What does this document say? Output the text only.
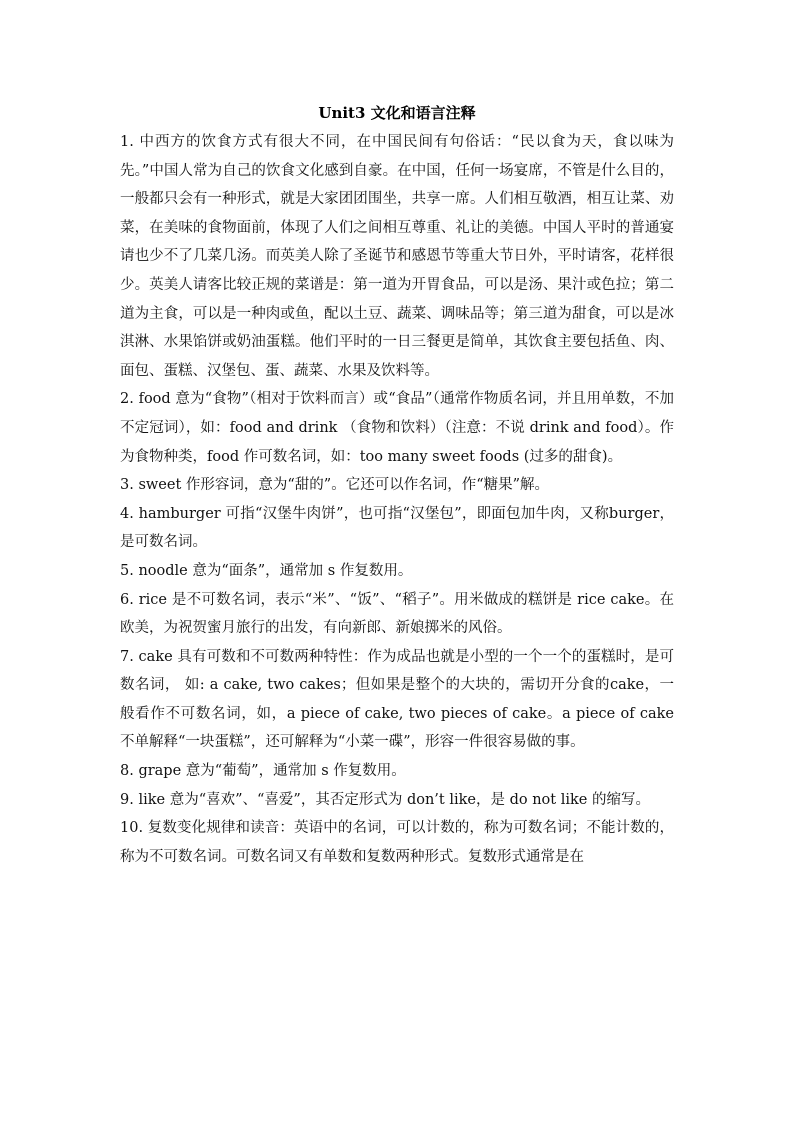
Unit3 文化和语言注释

1. 中西方的饮食方式有很大不同，在中国民间有句俗话：“民以食为天，食以味为先。”中国人常为自己的饮食文化感到自豪。在中国，任何一场宴席，不管是什么目的，一般都只会有一种形式，就是大家团团围坐，共享一席。人们相互敬酒，相互让菜、劝菜，在美味的食物面前，体现了人们之间相互尊重、礼让的美德。中国人平时的普通宴请也少不了几菜几汤。而英美人除了圣诞节和感恩节等重大节日外，平时请客，花样很少。英美人请客比较正规的菜谱是：第一道为开胃食品，可以是汤、果汁或色拉；第二道为主食，可以是一种肉或鱼，配以土豆、蔬菜、调味品等；第三道为甜食，可以是冰淇淋、水果馅饼或奶油蛋糕。他们平时的一日三餐更是简单，其饮食主要包括鱼、肉、面包、蛋糕、汉堡包、蛋、蔬菜、水果及饮料等。

2. food 意为“食物”（相对于饮料而言）或“食品”（通常作物质名词，并且用单数，不加不定冠词），如：food and drink （食物和饮料）（注意：不说 drink and food）。作为食物种类，food 作可数名词，如：too many sweet foods (过多的甜食)。

3. sweet 作形容词，意为“甜的”。它还可以作名词，作“糖果”解。

4. hamburger 可指“汉堡牛肉饼”，也可指“汉堡包”，即面包加牛肉，又称burger，是可数名词。

5. noodle 意为“面条”，通常加 s 作复数用。

6. rice 是不可数名词，表示“米”、“饭”、“稻子”。用米做成的糕饼是 rice cake。在欧美，为祝贺蜜月旅行的出发，有向新郎、新娘掷米的风俗。

7. cake 具有可数和不可数两种特性：作为成品也就是小型的一个一个的蛋糕时，是可数名词， 如: a cake, two cakes；但如果是整个的大块的，需切开分食的cake，一般看作不可数名词，如，a piece of cake, two pieces of cake。a piece of cake 不单解释“一块蛋糕”，还可解释为“小菜一碟”，形容一件很容易做的事。

8. grape 意为“葡萄”，通常加 s 作复数用。

9. like 意为“喜欢”、“喜爱”，其否定形式为 don’t like，是 do not like 的缩写。

10. 复数变化规律和读音：英语中的名词，可以计数的，称为可数名词；不能计数的，称为不可数名词。可数名词又有单数和复数两种形式。复数形式通常是在
